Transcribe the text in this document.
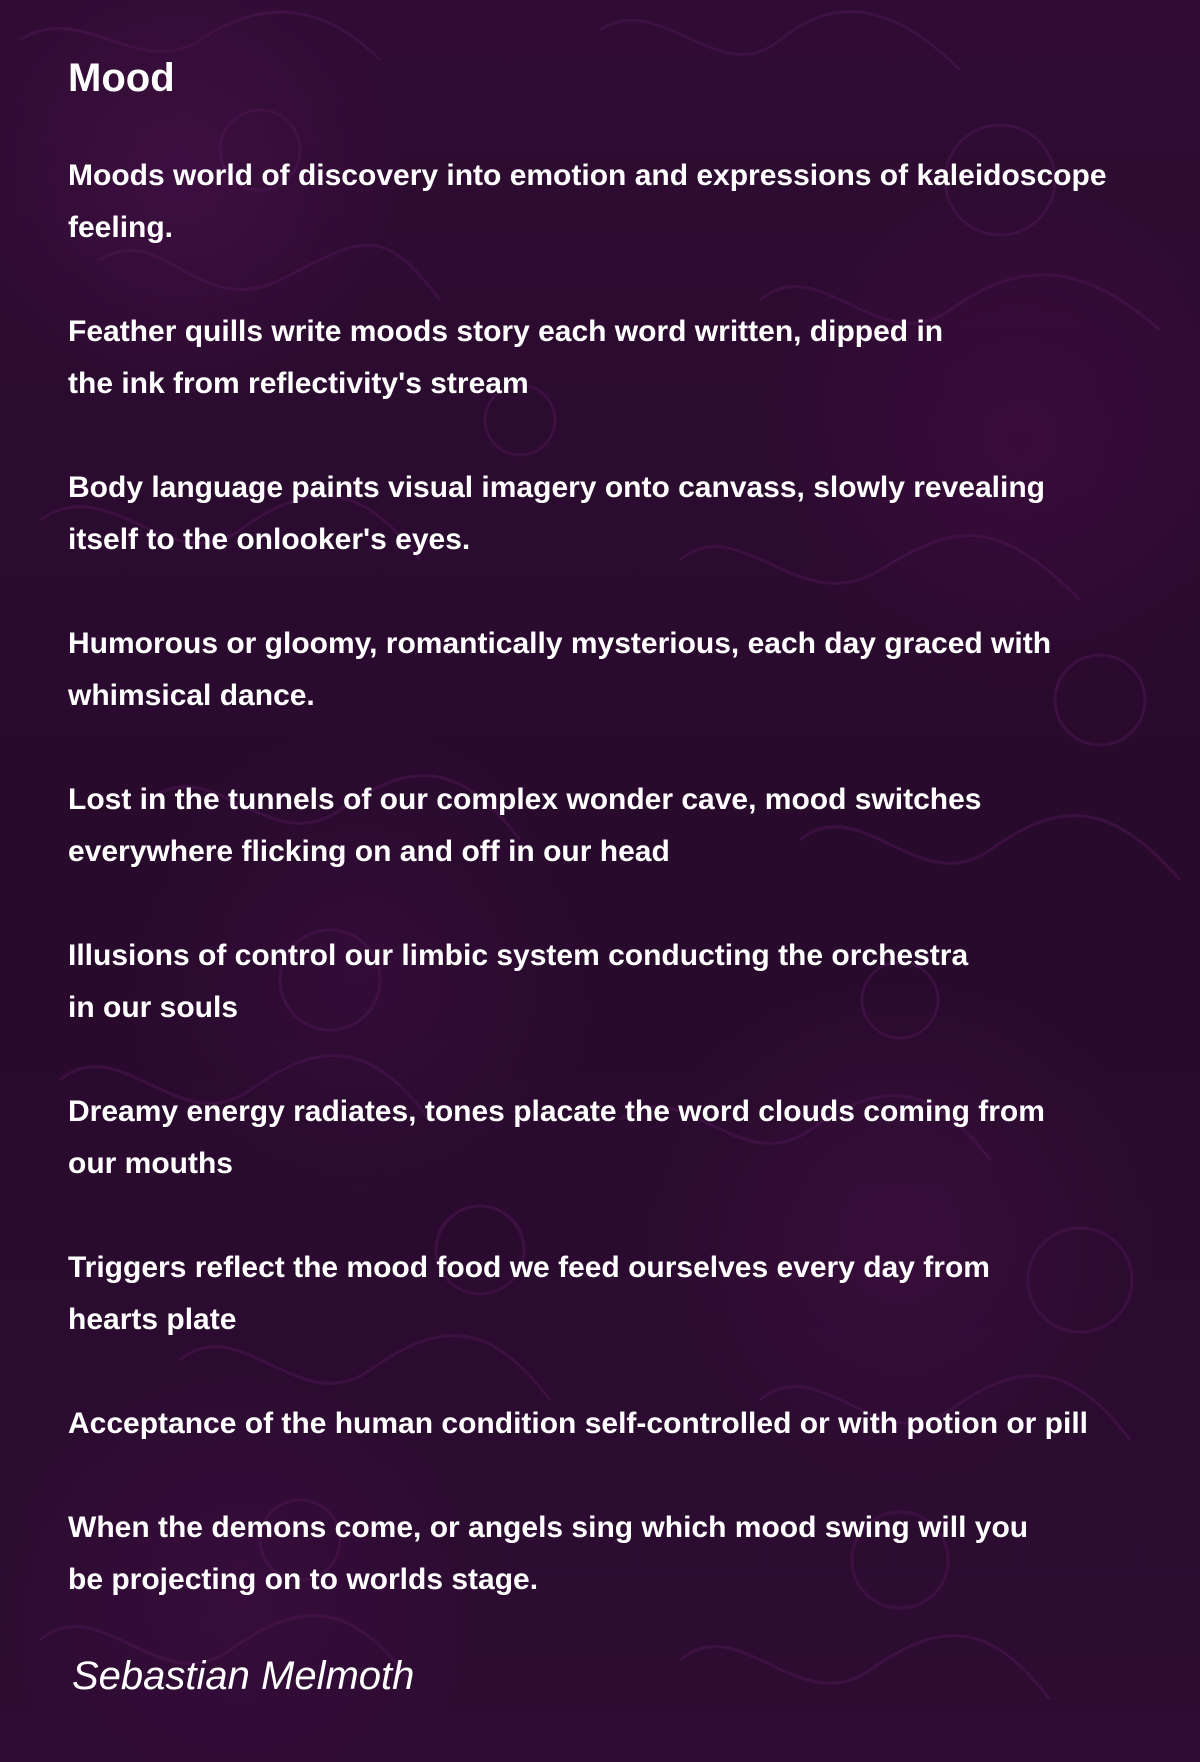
Mood
Moods world of discovery into emotion and expressions of kaleidoscope
feeling.
Feather quills write moods story each word written, dipped in
the ink from reflectivity's stream
Body language paints visual imagery onto canvass, slowly revealing
itself to the onlooker's eyes.
Humorous or gloomy, romantically mysterious, each day graced with
whimsical dance.
Lost in the tunnels of our complex wonder cave, mood switches
everywhere flicking on and off in our head
Illusions of control our limbic system conducting the orchestra
in our souls
Dreamy energy radiates, tones placate the word clouds coming from
our mouths
Triggers reflect the mood food we feed ourselves every day from
hearts plate
Acceptance of the human condition self-controlled or with potion or pill
When the demons come, or angels sing which mood swing will you
be projecting on to worlds stage.
Sebastian Melmoth
